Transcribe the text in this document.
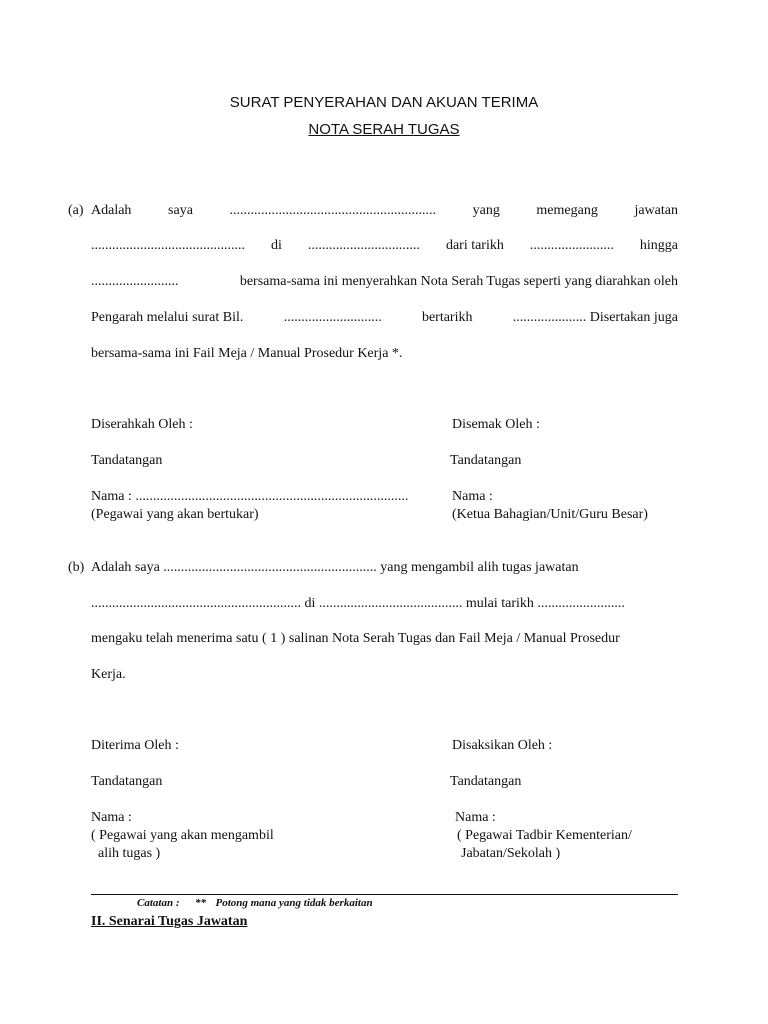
SURAT PENYERAHAN DAN AKUAN TERIMA
NOTA SERAH TUGAS
(a) Adalah	saya	...........................................................	yang	memegang	jawatan
............................................ di ................................ dari tarikh ........................ hingga
.........................	bersama-sama ini menyerahkan Nota Serah Tugas seperti yang diarahkan oleh
Pengarah melalui surat Bil.	............................	bertarikh	..................... Disertakan juga
bersama-sama ini Fail Meja / Manual Prosedur Kerja *.
Diserahkah Oleh :	Disemak Oleh :
Tandatangan	Tandatangan
Nama : ..............................................................................	Nama :
(Pegawai yang akan bertukar)	(Ketua Bahagian/Unit/Guru Besar)
(b) Adalah saya ............................................................. yang mengambil alih tugas jawatan
............................................................ di ......................................... mulai tarikh .........................
mengaku telah menerima satu ( 1 ) salinan Nota Serah Tugas dan Fail Meja / Manual Prosedur
Kerja.
Diterima Oleh :	Disaksikan Oleh :
Tandatangan	Tandatangan
Nama :	Nama :
( Pegawai yang akan mengambil	( Pegawai Tadbir Kementerian/
alih tugas )	Jabatan/Sekolah )
Catatan : ** Potong mana yang tidak berkaitan
II. Senarai Tugas Jawatan
